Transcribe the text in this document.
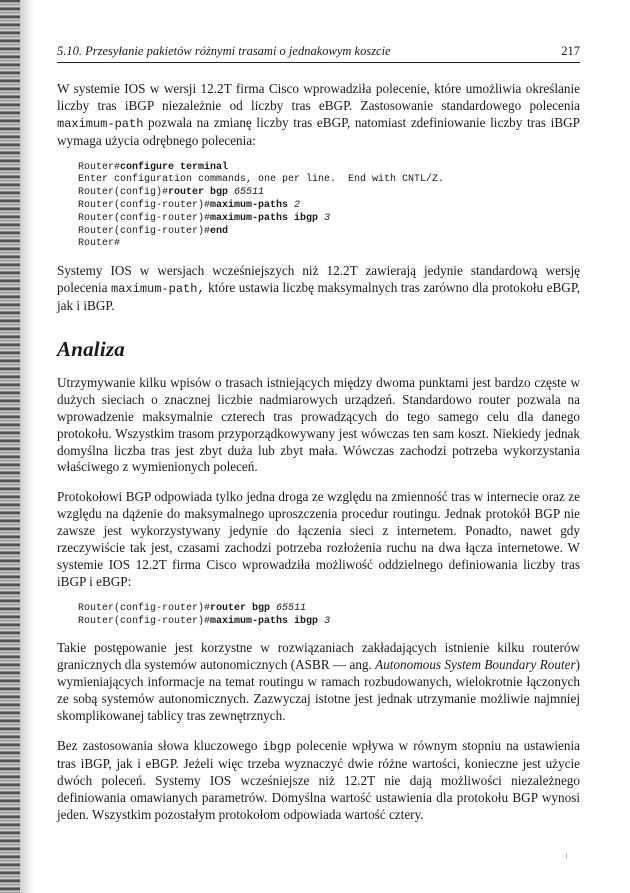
5.10. Przesyłanie pakietów różnymi trasami o jednakowym koszcie	217

W systemie IOS w wersji 12.2T firma Cisco wprowadziła polecenie, które umożliwia określanie liczby tras iBGP niezależnie od liczby tras eBGP. Zastosowanie standardowego polecenia maximum-path pozwala na zmianę liczby tras eBGP, natomiast zdefiniowanie liczby tras iBGP wymaga użycia odrębnego polecenia:

Router#configure terminal
Enter configuration commands, one per line.  End with CNTL/Z.
Router(config)#router bgp 65511
Router(config-router)#maximum-paths 2
Router(config-router)#maximum-paths ibgp 3
Router(config-router)#end
Router#

Systemy IOS w wersjach wcześniejszych niż 12.2T zawierają jedynie standardową wersję polecenia maximum-path, które ustawia liczbę maksymalnych tras zarówno dla protokołu eBGP, jak i iBGP.

Analiza

Utrzymywanie kilku wpisów o trasach istniejących między dwoma punktami jest bardzo częste w dużych sieciach o znacznej liczbie nadmiarowych urządzeń. Standardowo router pozwala na wprowadzenie maksymalnie czterech tras prowadzących do tego samego celu dla danego protokołu. Wszystkim trasom przyporządkowywany jest wówczas ten sam koszt. Niekiedy jednak domyślna liczba tras jest zbyt duża lub zbyt mała. Wówczas zachodzi potrzeba wykorzystania właściwego z wymienionych poleceń.

Protokołowi BGP odpowiada tylko jedna droga ze względu na zmienność tras w internecie oraz ze względu na dążenie do maksymalnego uproszczenia procedur routingu. Jednak protokół BGP nie zawsze jest wykorzystywany jedynie do łączenia sieci z internetem. Ponadto, nawet gdy rzeczywiście tak jest, czasami zachodzi potrzeba rozłożenia ruchu na dwa łącza internetowe. W systemie IOS 12.2T firma Cisco wprowadziła możliwość oddzielnego definiowania liczby tras iBGP i eBGP:

Router(config-router)#router bgp 65511
Router(config-router)#maximum-paths ibgp 3

Takie postępowanie jest korzystne w rozwiązaniach zakładających istnienie kilku routerów granicznych dla systemów autonomicznych (ASBR — ang. Autonomous System Boundary Router) wymieniających informacje na temat routingu w ramach rozbudowanych, wielokrotnie łączonych ze sobą systemów autonomicznych. Zazwyczaj istotne jest jednak utrzymanie możliwie najmniej skomplikowanej tablicy tras zewnętrznych.

Bez zastosowania słowa kluczowego ibgp polecenie wpływa w równym stopniu na ustawienia tras iBGP, jak i eBGP. Jeżeli więc trzeba wyznaczyć dwie różne wartości, konieczne jest użycie dwóch poleceń. Systemy IOS wcześniejsze niż 12.2T nie dają możliwości niezależnego definiowania omawianych parametrów. Domyślna wartość ustawienia dla protokołu BGP wynosi jeden. Wszystkim pozostałym protokołom odpowiada wartość cztery.
